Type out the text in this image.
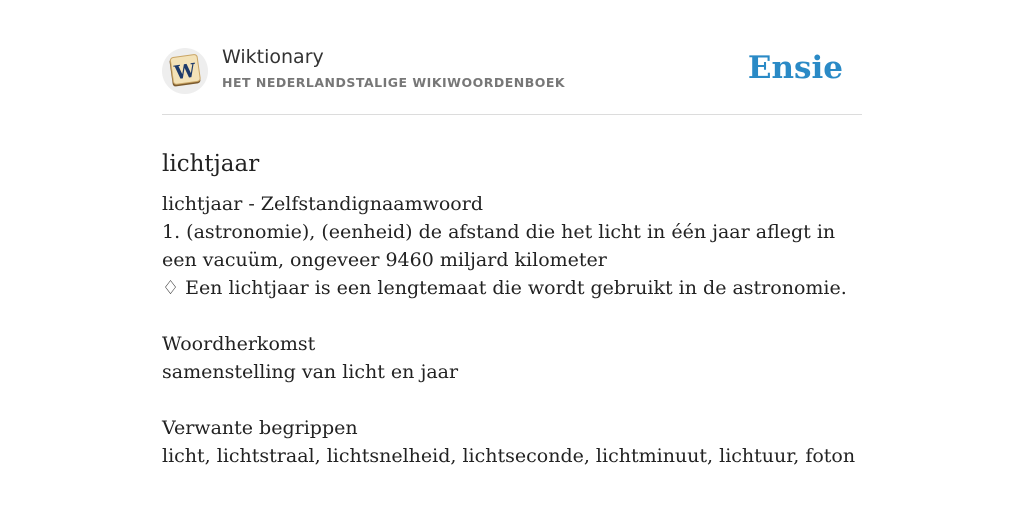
W
Wiktionary
HET NEDERLANDSTALIGE WIKIWOORDENBOEK	Ensie
lichtjaar
lichtjaar - Zelfstandignaamwoord
1. (astronomie), (eenheid) de afstand die het licht in één jaar aflegt in een vacuüm, ongeveer 9460 miljard kilometer
♢ Een lichtjaar is een lengtemaat die wordt gebruikt in de astronomie.
Woordherkomst
samenstelling van licht en jaar
Verwante begrippen
licht, lichtstraal, lichtsnelheid, lichtseconde, lichtminuut, lichtuur, foton
